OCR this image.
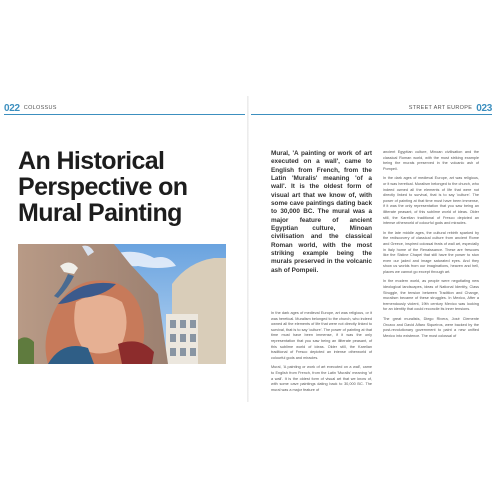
022 COLOSSUS	STREET ART EUROPE 023
An Historical
Perspective on
Mural Painting

Mural, 'A painting or work of art executed on a wall', came to English from French, from the Latin 'Muralis' meaning 'of a wall'. It is the oldest form of visual art that we know of, with some cave paintings dating back to 30,000 BC. The mural was a major feature of ancient Egyptian culture, Minoan civilisation and the classical Roman world, with the most striking example being the murals preserved in the volcanic ash of Pompeii.

In the dark ages of medieval Europe, art was religious, or it was heretical. Muralism belonged to the church, who indeed owned all the elements of life that were not directly linked to survival, that is to say 'culture'. The power of painting at that time must have been immense, if it was the only representation that you saw being an illiterate peasant, of this sublime world of ideas. Older still, the Karelian traditional of Fresco depicted an intense otherworld of colourful gods and miracles.

Mural, 'A painting or work of art executed on a wall', came to English from French, from the Latin 'Muralis' meaning 'of a wall'. It is the oldest form of visual art that we know of, with some cave paintings dating back to 30,000 BC. The mural was a major feature of

ancient Egyptian culture, Minoan civilisation and the classical Roman world, with the most striking example being the murals preserved in the volcanic ash of Pompeii.

In the dark ages of medieval Europe, art was religious, or it was heretical. Muralism belonged to the church, who indeed owned all the elements of life that were not directly linked to survival, that is to say 'culture'. The power of painting at that time must have been immense, if it was the only representation that you saw being an illiterate peasant, of this sublime world of ideas. Older still, the Karelian traditional of Fresco depicted an intense otherworld of colourful gods and miracles.

In the late middle ages, the cultural rebirth sparked by the rediscovery of classical culture from ancient Rome and Greece, inspired colossal feats of wall art, especially in Italy home of the Renaissance. These are frescoes like the Sistine Chapel that still have the power to stun even our jaded and image saturated eyes. And they show us worlds from our imaginations, heaven and hell, places we cannot go except through art.

In the modern world, as people were negotiating new ideological landscapes, ideas of National Identity, Class Struggle, the tension between Tradition and Change, muralism became of these struggles. In Mexico, After a tremendously violent, 19th century Mexico was looking for an identity that could reconcile its inner tensions.

The great muralists, Diego Rivera, José Clemente Orozco and David Alfaro Siqueiros, were backed by the post-revolutionary government to paint a new unified Mexico into existence. The most colossal of
